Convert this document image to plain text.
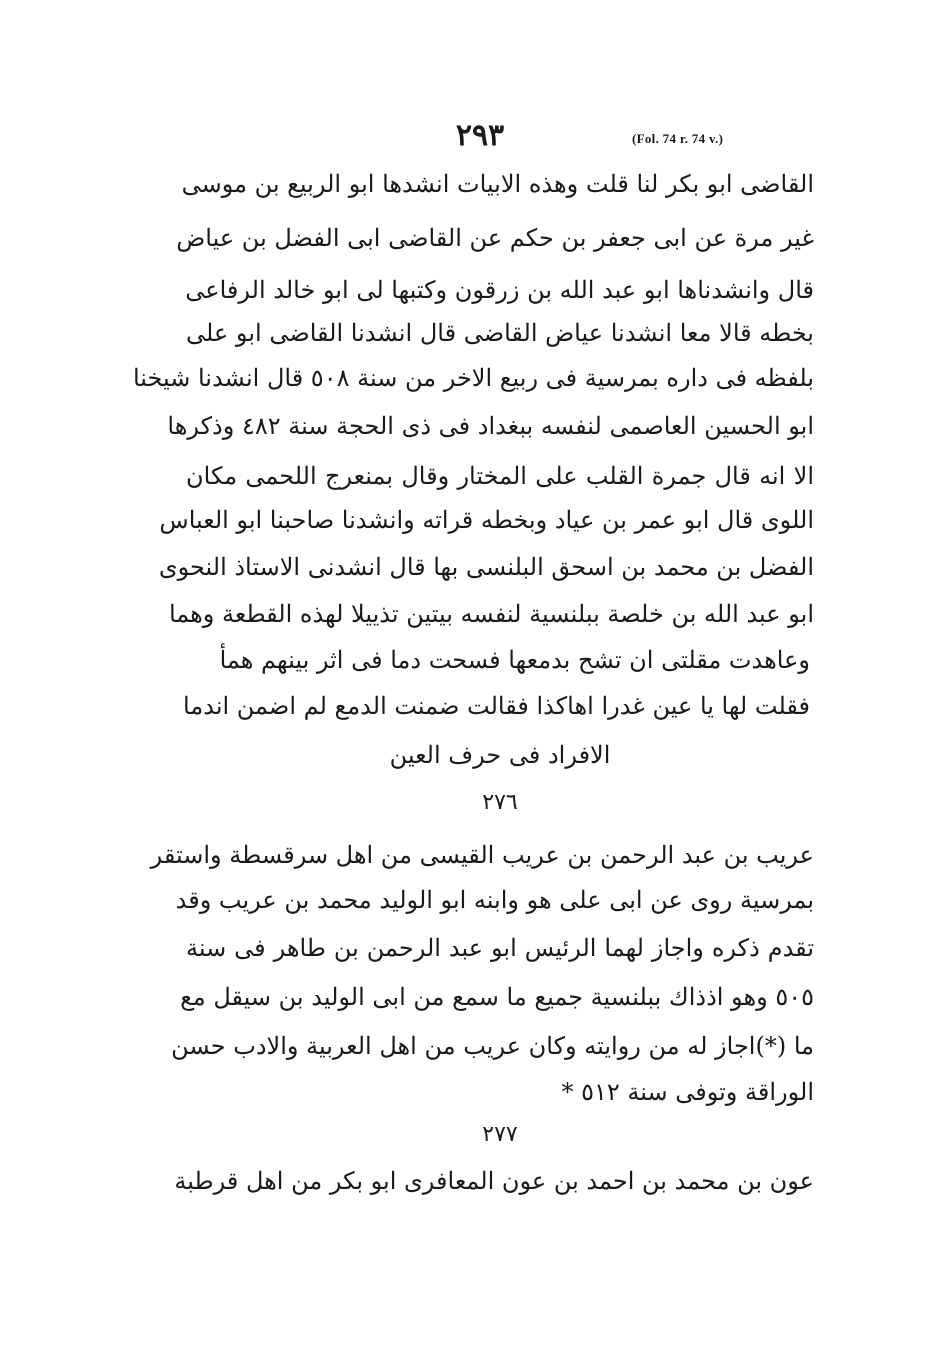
٢٩٣	(Fol. 74 r. 74 v.)
القاضى ابو بكر لنا قلت وهذه الابيات انشدها ابو الربيع بن موسى
غير مرة عن ابى جعفر بن حكم عن القاضى ابى الفضل بن عياض
قال وانشدناها ابو عبد الله بن زرقون وكتبها لى ابو خالد الرفاعى
بخطه قالا معا انشدنا عياض القاضى قال انشدنا القاضى ابو على
بلفظه فى داره بمرسية فى ربيع الاخر من سنة ٥٠٨ قال انشدنا شيخنا
ابو الحسين العاصمى لنفسه ببغداد فى ذى الحجة سنة ٤٨٢ وذكرها
الا انه قال جمرة القلب على المختار وقال بمنعرج اللحمى مكان
اللوى قال ابو عمر بن عياد وبخطه قراته وانشدنا صاحبنا ابو العباس
الفضل بن محمد بن اسحق البلنسى بها قال انشدنى الاستاذ النحوى
ابو عبد الله بن خلصة ببلنسية لنفسه بيتين تذييلا لهذه القطعة وهما
وعاهدت مقلتى ان تشح بدمعها فسحت دما فى اثر بينهم همأ
فقلت لها يا عين غدرا اهاكذا فقالت ضمنت الدمع لم اضمن اندما
الافراد فى حرف العين
٢٧٦
عريب بن عبد الرحمن بن عريب القيسى من اهل سرقسطة واستقر
بمرسية روى عن ابى على هو وابنه ابو الوليد محمد بن عريب وقد
تقدم ذكره واجاز لهما الرئيس ابو عبد الرحمن بن طاهر فى سنة
٥٠٥ وهو اذذاك ببلنسية جميع ما سمع من ابى الوليد بن سيقل مع
ما (*)اجاز له من روايته وكان عريب من اهل العربية والادب حسن
الوراقة وتوفى سنة ٥١٢ *
٢٧٧
عون بن محمد بن احمد بن عون المعافرى ابو بكر من اهل قرطبة
